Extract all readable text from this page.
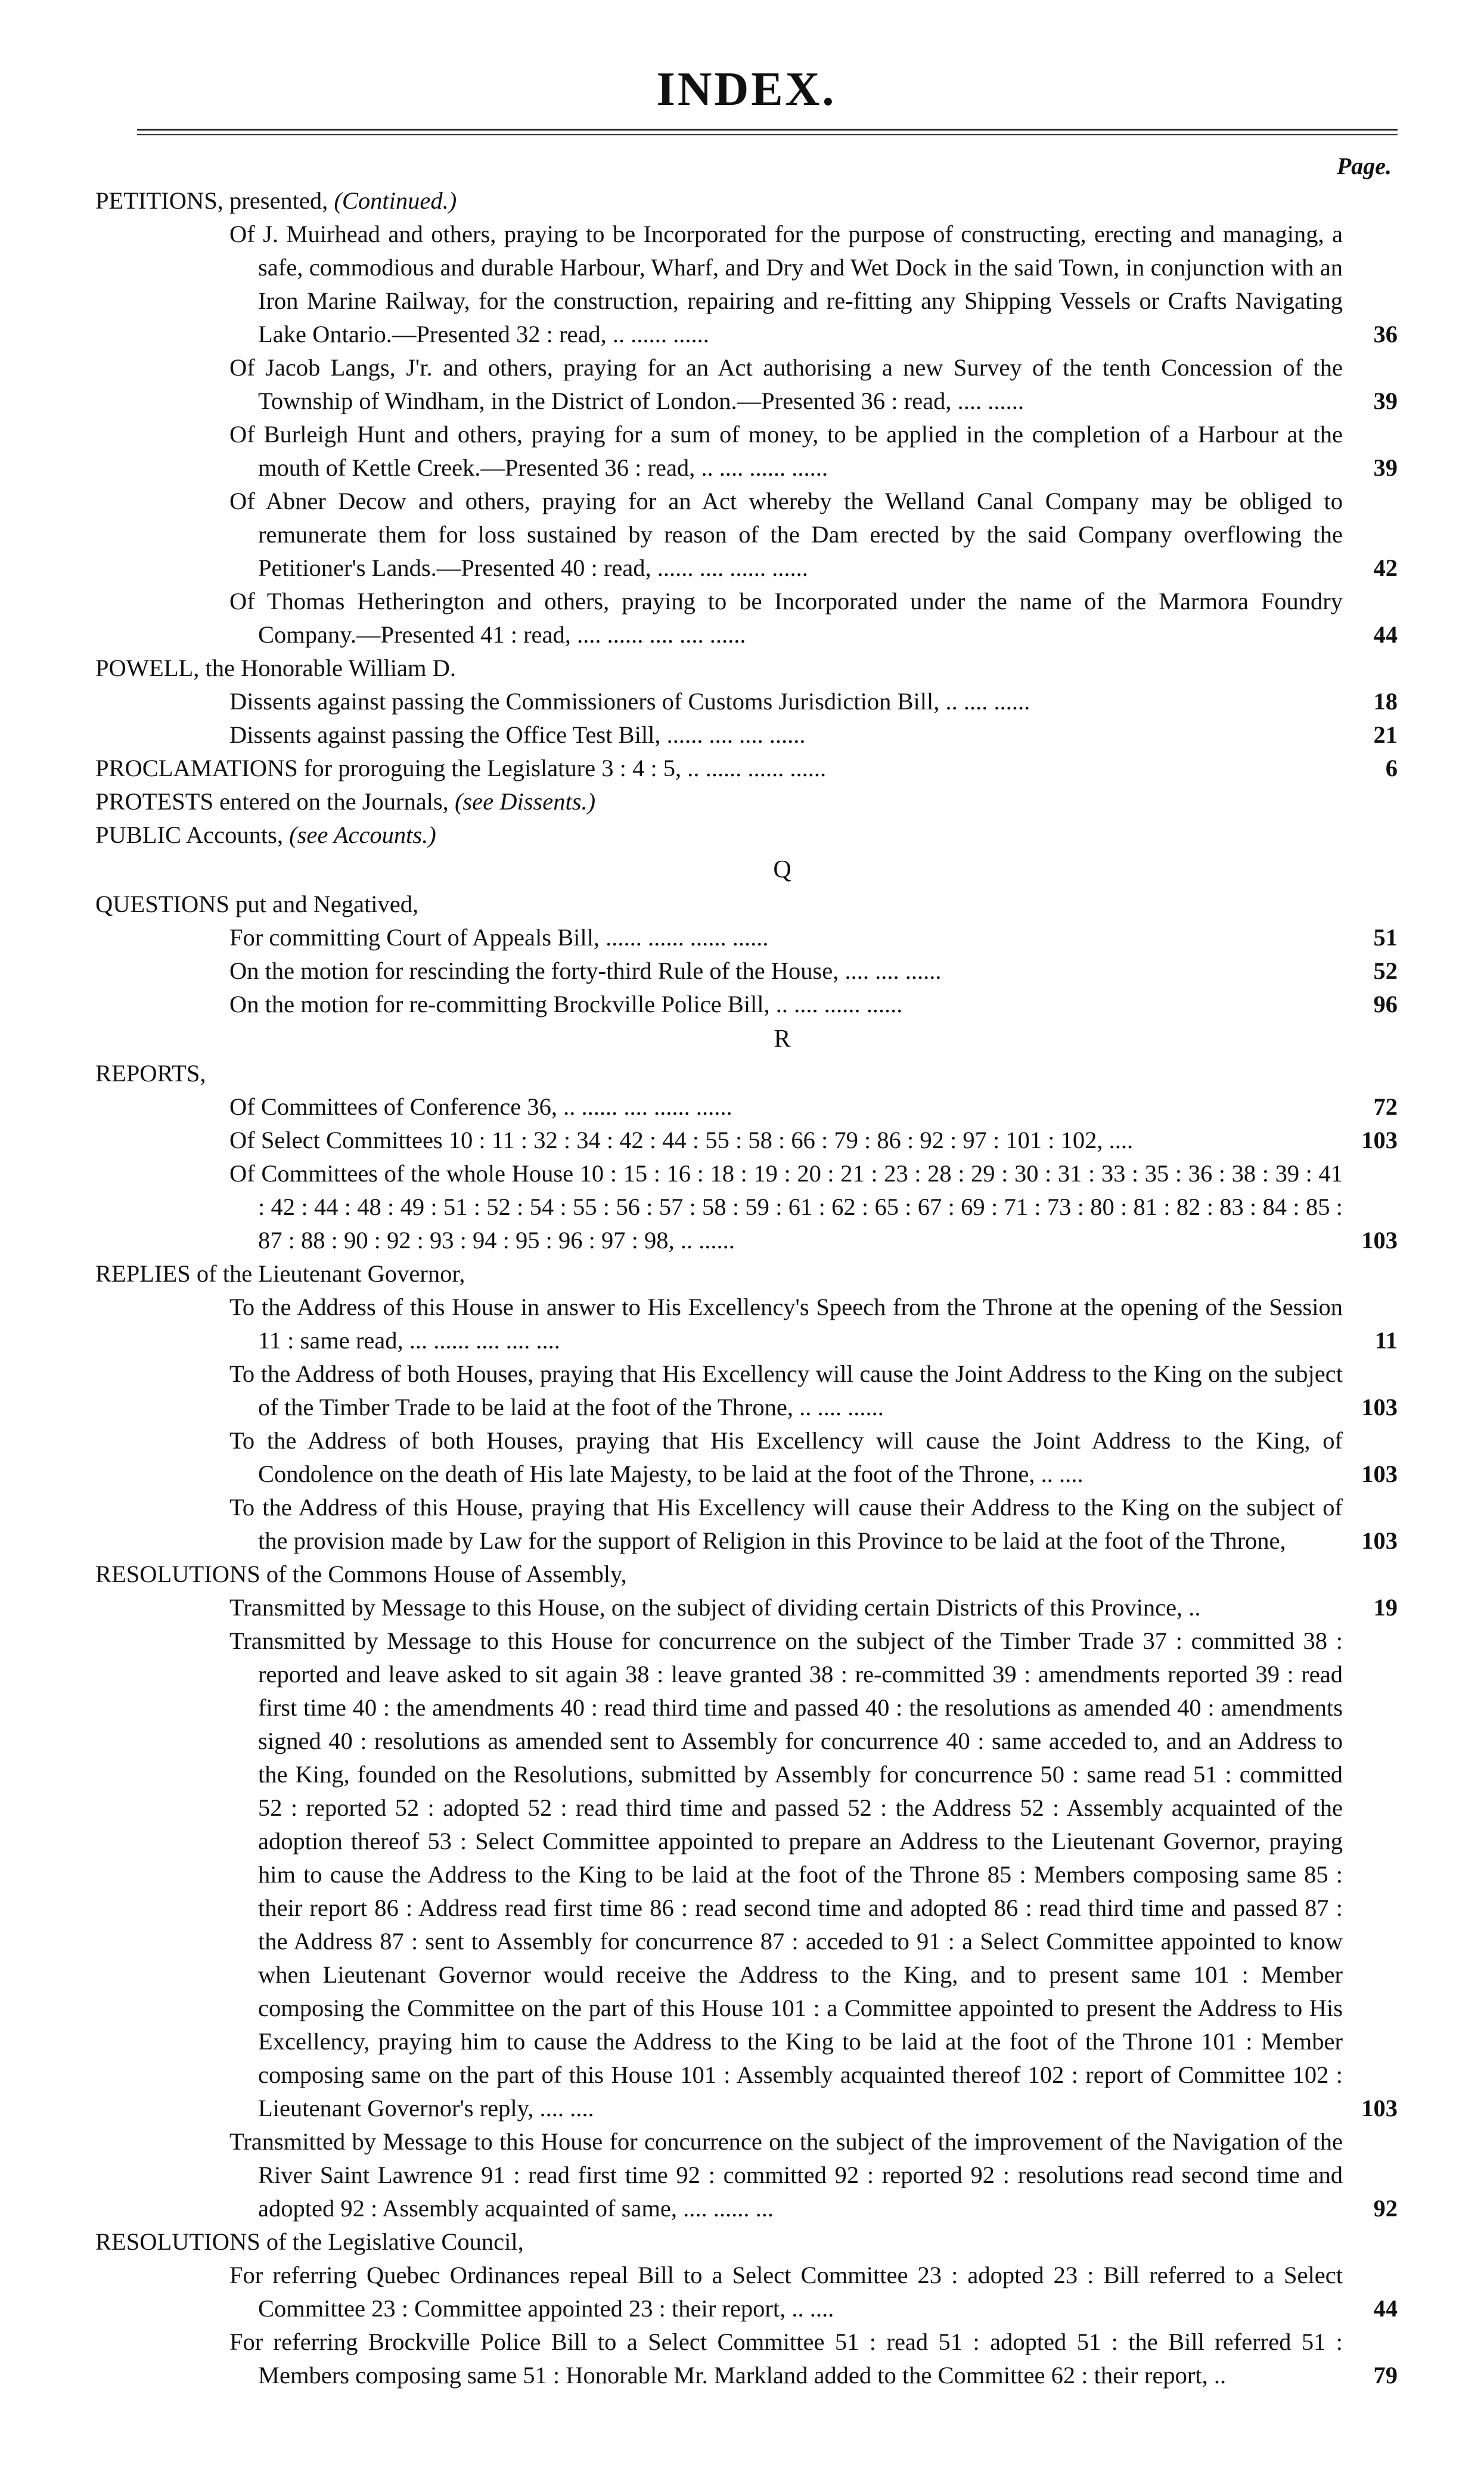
INDEX.
Page.
PETITIONS, presented, (Continued.)
Of J. Muirhead and others, praying to be Incorporated for the purpose of constructing, erecting and managing, a safe, commodious and durable Harbour, Wharf, and Dry and Wet Dock in the said Town, in conjunction with an Iron Marine Railway, for the construction, repairing and re-fitting any Shipping Vessels or Crafts Navigating Lake Ontario.—Presented 32 : read, .. ...... ......	36
Of Jacob Langs, J'r. and others, praying for an Act authorising a new Survey of the tenth Concession of the Township of Windham, in the District of London.—Presented 36 : read, .... ......	39
Of Burleigh Hunt and others, praying for a sum of money, to be applied in the completion of a Harbour at the mouth of Kettle Creek.—Presented 36 : read, .. .... ...... ......	39
Of Abner Decow and others, praying for an Act whereby the Welland Canal Company may be obliged to remunerate them for loss sustained by reason of the Dam erected by the said Company overflowing the Petitioner's Lands.—Presented 40 : read, ...... .... ...... ......	42
Of Thomas Hetherington and others, praying to be Incorporated under the name of the Marmora Foundry Company.—Presented 41 : read, .... ...... .... .... ......	44
POWELL, the Honorable William D.
Dissents against passing the Commissioners of Customs Jurisdiction Bill, .. .... ......	18
Dissents against passing the Office Test Bill, ...... .... .... ......	21
PROCLAMATIONS for proroguing the Legislature 3 : 4 : 5, .. ...... ...... ......	6
PROTESTS entered on the Journals, (see Dissents.)
PUBLIC Accounts, (see Accounts.)
Q
QUESTIONS put and Negatived,
For committing Court of Appeals Bill, ...... ...... ...... ......	51
On the motion for rescinding the forty-third Rule of the House, .... .... ......	52
On the motion for re-committing Brockville Police Bill, .. .... ...... ......	96
R
REPORTS,
Of Committees of Conference 36, .. ...... .... ...... ......	72
Of Select Committees 10 : 11 : 32 : 34 : 42 : 44 : 55 : 58 : 66 : 79 : 86 : 92 : 97 : 101 : 102, ....	103
Of Committees of the whole House 10 : 15 : 16 : 18 : 19 : 20 : 21 : 23 : 28 : 29 : 30 : 31 : 33 : 35 : 36 : 38 : 39 : 41 : 42 : 44 : 48 : 49 : 51 : 52 : 54 : 55 : 56 : 57 : 58 : 59 : 61 : 62 : 65 : 67 : 69 : 71 : 73 : 80 : 81 : 82 : 83 : 84 : 85 : 87 : 88 : 90 : 92 : 93 : 94 : 95 : 96 : 97 : 98, .. ......	103
REPLIES of the Lieutenant Governor,
To the Address of this House in answer to His Excellency's Speech from the Throne at the opening of the Session 11 : same read, ... ...... .... .... ....	11
To the Address of both Houses, praying that His Excellency will cause the Joint Address to the King on the subject of the Timber Trade to be laid at the foot of the Throne, .. .... ......	103
To the Address of both Houses, praying that His Excellency will cause the Joint Address to the King, of Condolence on the death of His late Majesty, to be laid at the foot of the Throne, .. ....	103
To the Address of this House, praying that His Excellency will cause their Address to the King on the subject of the provision made by Law for the support of Religion in this Province to be laid at the foot of the Throne,	103
RESOLUTIONS of the Commons House of Assembly,
Transmitted by Message to this House, on the subject of dividing certain Districts of this Province, ..	19
Transmitted by Message to this House for concurrence on the subject of the Timber Trade 37 : committed 38 : reported and leave asked to sit again 38 : leave granted 38 : re-committed 39 : amendments reported 39 : read first time 40 : the amendments 40 : read third time and passed 40 : the resolutions as amended 40 : amendments signed 40 : resolutions as amended sent to Assembly for concurrence 40 : same acceded to, and an Address to the King, founded on the Resolutions, submitted by Assembly for concurrence 50 : same read 51 : committed 52 : reported 52 : adopted 52 : read third time and passed 52 : the Address 52 : Assembly acquainted of the adoption thereof 53 : Select Committee appointed to prepare an Address to the Lieutenant Governor, praying him to cause the Address to the King to be laid at the foot of the Throne 85 : Members composing same 85 : their report 86 : Address read first time 86 : read second time and adopted 86 : read third time and passed 87 : the Address 87 : sent to Assembly for concurrence 87 : acceded to 91 : a Select Committee appointed to know when Lieutenant Governor would receive the Address to the King, and to present same 101 : Member composing the Committee on the part of this House 101 : a Committee appointed to present the Address to His Excellency, praying him to cause the Address to the King to be laid at the foot of the Throne 101 : Member composing same on the part of this House 101 : Assembly acquainted thereof 102 : report of Committee 102 : Lieutenant Governor's reply, .... ....	103
Transmitted by Message to this House for concurrence on the subject of the improvement of the Navigation of the River Saint Lawrence 91 : read first time 92 : committed 92 : reported 92 : resolutions read second time and adopted 92 : Assembly acquainted of same, .... ...... ...	92
RESOLUTIONS of the Legislative Council,
For referring Quebec Ordinances repeal Bill to a Select Committee 23 : adopted 23 : Bill referred to a Select Committee 23 : Committee appointed 23 : their report, .. ....	44
For referring Brockville Police Bill to a Select Committee 51 : read 51 : adopted 51 : the Bill referred 51 : Members composing same 51 : Honorable Mr. Markland added to the Committee 62 : their report, ..	79
